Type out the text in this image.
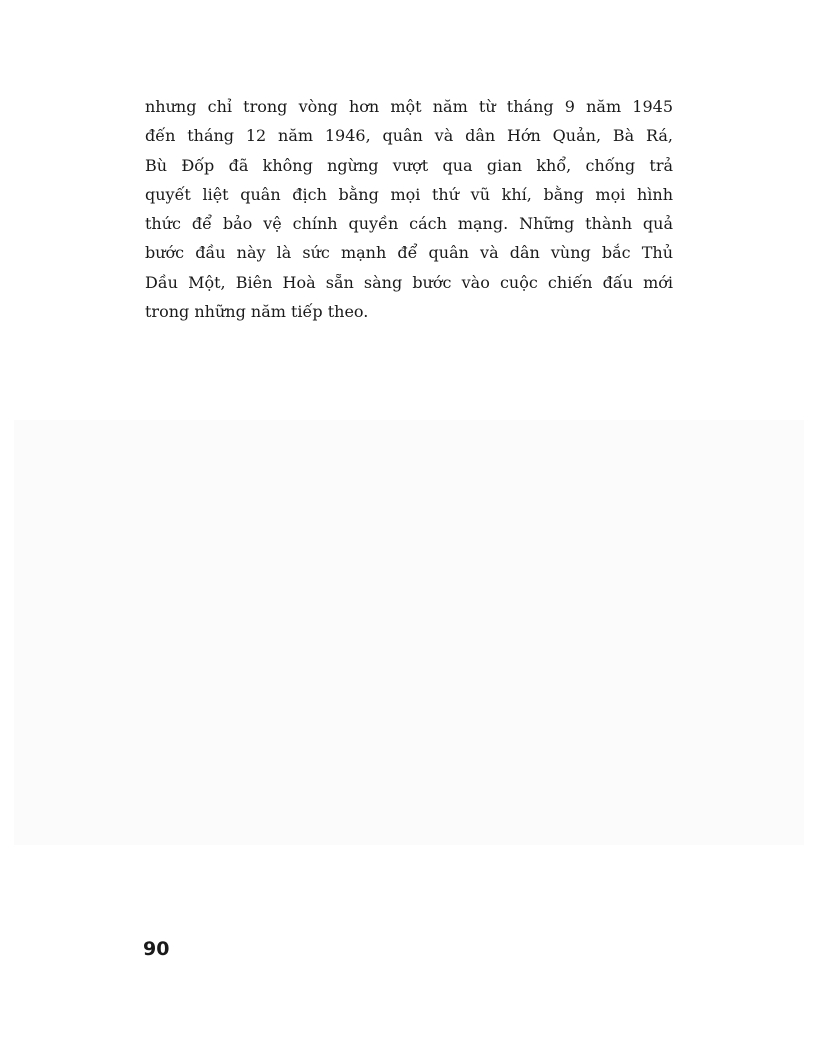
nhưng chỉ trong vòng hơn một năm từ tháng 9 năm 1945
đến tháng 12 năm 1946, quân và dân Hớn Quản, Bà Rá,
Bù Đốp đã không ngừng vượt qua gian khổ, chống trả
quyết liệt quân địch bằng mọi thứ vũ khí, bằng mọi hình
thức để bảo vệ chính quyền cách mạng. Những thành quả
bước đầu này là sức mạnh để quân và dân vùng bắc Thủ
Dầu Một, Biên Hoà sẵn sàng bước vào cuộc chiến đấu mới
trong những năm tiếp theo.
90
